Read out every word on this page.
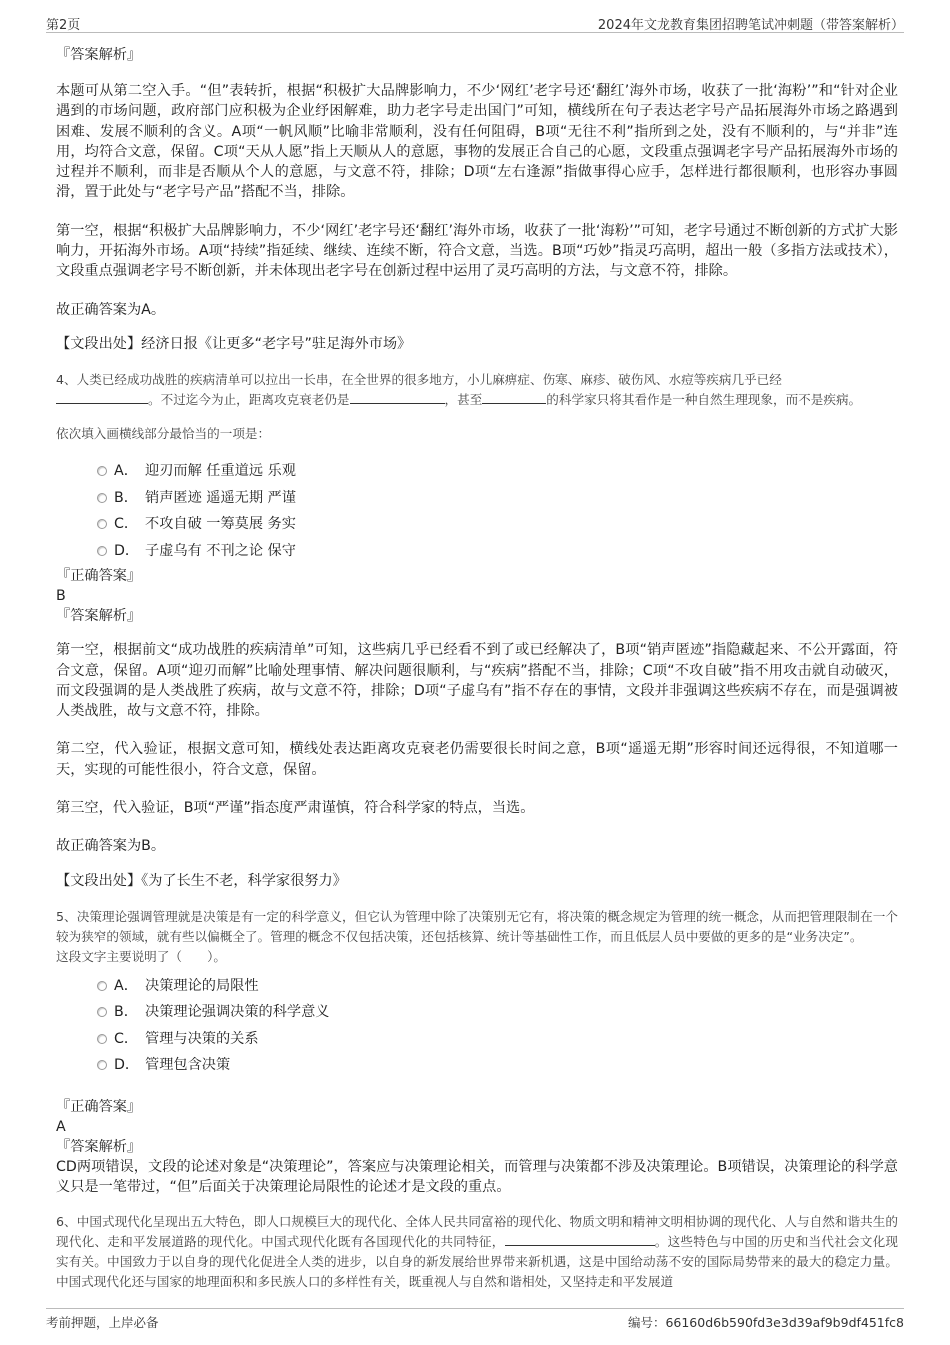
第2页	2024年文龙教育集团招聘笔试冲刺题（带答案解析）

『答案解析』

本题可从第二空入手。“但”表转折，根据“积极扩大品牌影响力，不少‘网红’老字号还‘翻红’海外市场，收获了一批‘海粉’”和“针对企业遇到的市场问题，政府部门应积极为企业纾困解难，助力老字号走出国门”可知，横线所在句子表达老字号产品拓展海外市场之路遇到困难、发展不顺利的含义。A项“一帆风顺”比喻非常顺利，没有任何阻碍，B项“无往不利”指所到之处，没有不顺利的，与“并非”连用，均符合文意，保留。C项“天从人愿”指上天顺从人的意愿，事物的发展正合自己的心愿，文段重点强调老字号产品拓展海外市场的过程并不顺利，而非是否顺从个人的意愿，与文意不符，排除；D项“左右逢源”指做事得心应手，怎样进行都很顺利，也形容办事圆滑，置于此处与“老字号产品”搭配不当，排除。

第一空，根据“积极扩大品牌影响力，不少‘网红’老字号还‘翻红’海外市场，收获了一批‘海粉’”可知，老字号通过不断创新的方式扩大影响力，开拓海外市场。A项“持续”指延续、继续、连续不断，符合文意，当选。B项“巧妙”指灵巧高明，超出一般（多指方法或技术），文段重点强调老字号不断创新，并未体现出老字号在创新过程中运用了灵巧高明的方法，与文意不符，排除。

故正确答案为A。

【文段出处】经济日报《让更多“老字号”驻足海外市场》

4、人类已经成功战胜的疾病清单可以拉出一长串，在全世界的很多地方，小儿麻痹症、伤寒、麻疹、破伤风、水痘等疾病几乎已经
。不过迄今为止，距离攻克衰老仍是	，甚至	的科学家只将其看作是一种自然生理现象，而不是疾病。

依次填入画横线部分最恰当的一项是：

A． 迎刃而解 任重道远 乐观
B． 销声匿迹 遥遥无期 严谨
C． 不攻自破 一筹莫展 务实
D． 子虚乌有 不刊之论 保守

『正确答案』

B

『答案解析』

第一空，根据前文“成功战胜的疾病清单”可知，这些病几乎已经看不到了或已经解决了，B项“销声匿迹”指隐藏起来、不公开露面，符合文意，保留。A项“迎刃而解”比喻处理事情、解决问题很顺利，与“疾病”搭配不当，排除；C项“不攻自破”指不用攻击就自动破灭，而文段强调的是人类战胜了疾病，故与文意不符，排除；D项“子虚乌有”指不存在的事情，文段并非强调这些疾病不存在，而是强调被人类战胜，故与文意不符，排除。

第二空，代入验证，根据文意可知，横线处表达距离攻克衰老仍需要很长时间之意，B项“遥遥无期”形容时间还远得很，不知道哪一天，实现的可能性很小，符合文意，保留。

第三空，代入验证，B项“严谨”指态度严肃谨慎，符合科学家的特点，当选。

故正确答案为B。

【文段出处】《为了长生不老，科学家很努力》

5、决策理论强调管理就是决策是有一定的科学意义，但它认为管理中除了决策别无它有，将决策的概念规定为管理的统一概念，从而把管理限制在一个较为狭窄的领域，就有些以偏概全了。管理的概念不仅包括决策，还包括核算、统计等基础性工作，而且低层人员中要做的更多的是“业务决定”。

这段文字主要说明了（　　）。

A． 决策理论的局限性
B． 决策理论强调决策的科学意义
C． 管理与决策的关系
D． 管理包含决策

『正确答案』

A

『答案解析』

CD两项错误，文段的论述对象是“决策理论”，答案应与决策理论相关，而管理与决策都不涉及决策理论。B项错误，决策理论的科学意义只是一笔带过，“但”后面关于决策理论局限性的论述才是文段的重点。

6、中国式现代化呈现出五大特色，即人口规模巨大的现代化、全体人民共同富裕的现代化、物质文明和精神文明相协调的现代化、人与自然和谐共生的现代化、走和平发展道路的现代化。中国式现代化既有各国现代化的共同特征，	。这些特色与中国的历史和当代社会文化现实有关。中国致力于以自身的现代化促进全人类的进步，以自身的新发展给世界带来新机遇，这是中国给动荡不安的国际局势带来的最大的稳定力量。中国式现代化还与国家的地理面积和多民族人口的多样性有关，既重视人与自然和谐相处，又坚持走和平发展道

考前押题，上岸必备	编号：66160d6b590fd3e3d39af9b9df451fc8
